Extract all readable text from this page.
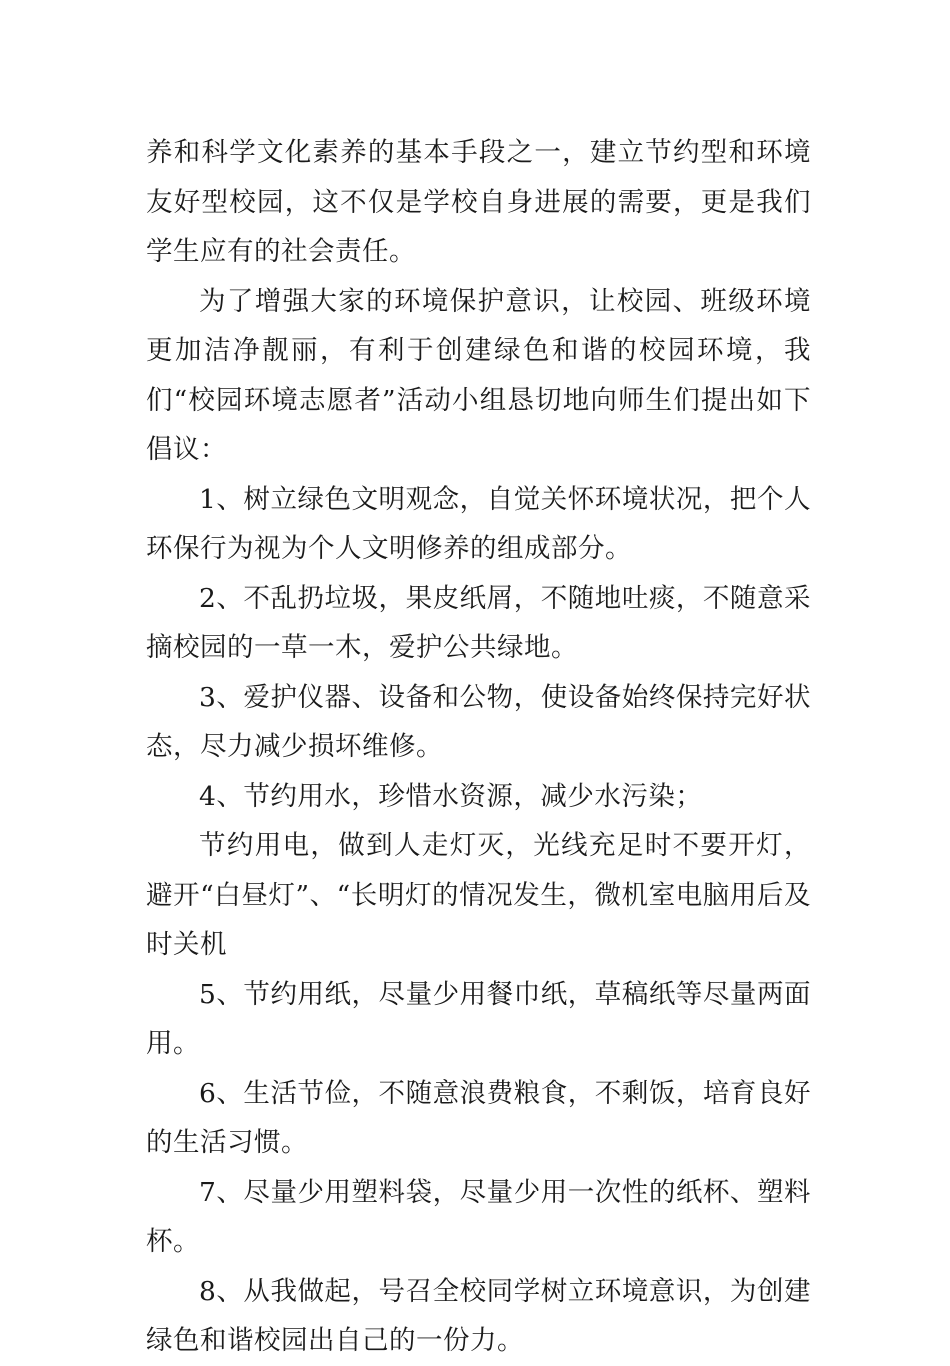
养和科学文化素养的基本手段之一，建立节约型和环境友好型校园，这不仅是学校自身进展的需要，更是我们学生应有的社会责任。

为了增强大家的环境保护意识，让校园、班级环境更加洁净靓丽，有利于创建绿色和谐的校园环境，我们“校园环境志愿者”活动小组恳切地向师生们提出如下倡议：

1、树立绿色文明观念，自觉关怀环境状况，把个人环保行为视为个人文明修养的组成部分。

2、不乱扔垃圾，果皮纸屑，不随地吐痰，不随意采摘校园的一草一木，爱护公共绿地。

3、爱护仪器、设备和公物，使设备始终保持完好状态，尽力减少损坏维修。

4、节约用水，珍惜水资源，减少水污染；

节约用电，做到人走灯灭，光线充足时不要开灯，避开“白昼灯”、“长明灯的情况发生，微机室电脑用后及时关机

5、节约用纸，尽量少用餐巾纸，草稿纸等尽量两面用。

6、生活节俭，不随意浪费粮食，不剩饭，培育良好的生活习惯。

7、尽量少用塑料袋，尽量少用一次性的纸杯、塑料杯。

8、从我做起，号召全校同学树立环境意识，为创建绿色和谐校园出自己的一份力。
